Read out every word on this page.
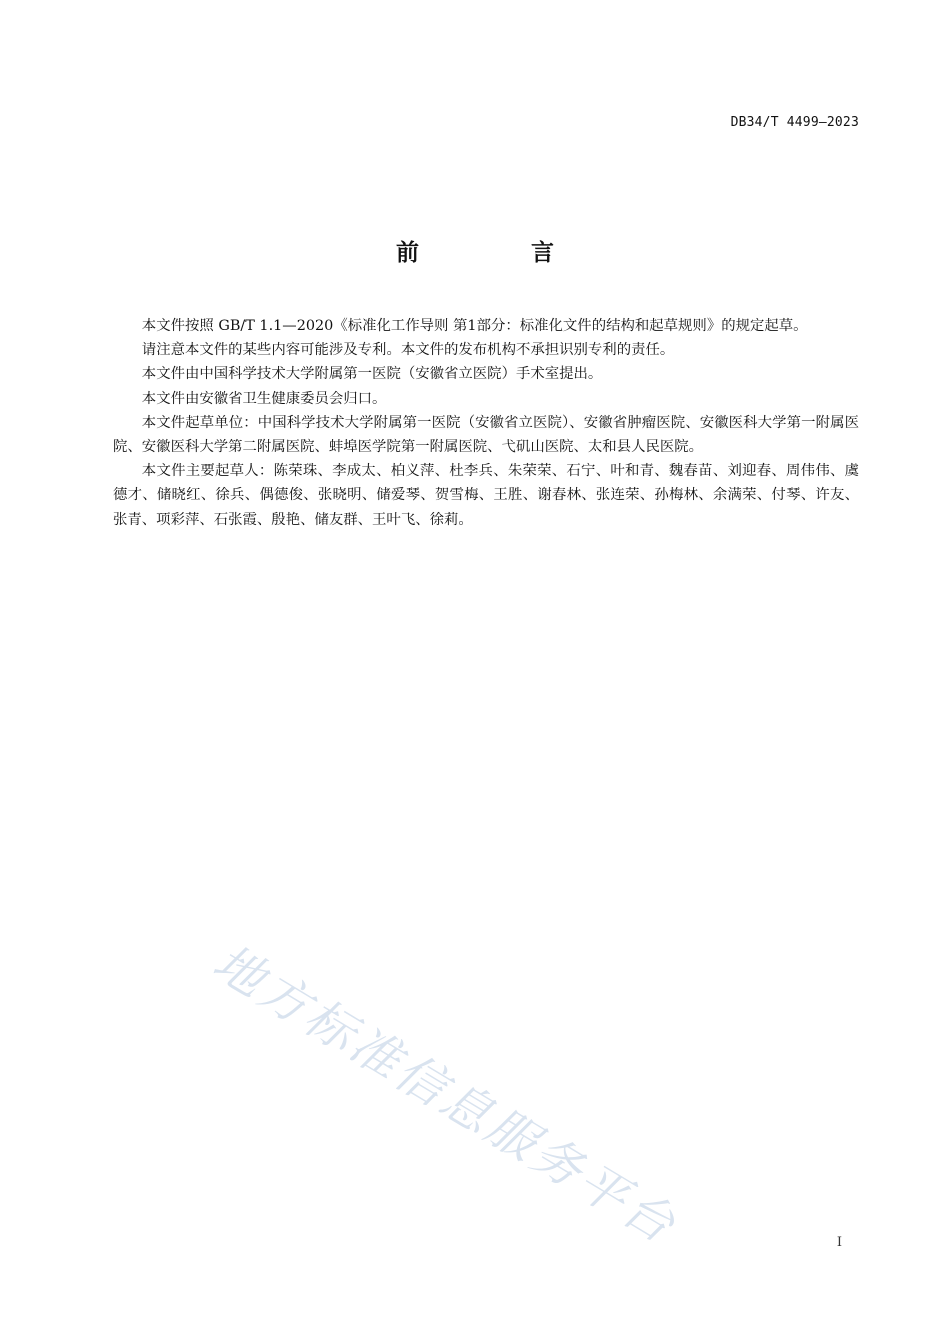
DB34/T 4499—2023
前 言

本文件按照 GB/T 1.1—2020《标准化工作导则 第1部分：标准化文件的结构和起草规则》的规定起草。

请注意本文件的某些内容可能涉及专利。本文件的发布机构不承担识别专利的责任。

本文件由中国科学技术大学附属第一医院（安徽省立医院）手术室提出。

本文件由安徽省卫生健康委员会归口。

本文件起草单位：中国科学技术大学附属第一医院（安徽省立医院）、安徽省肿瘤医院、安徽医科大学第一附属医院、安徽医科大学第二附属医院、蚌埠医学院第一附属医院、弋矶山医院、太和县人民医院。

本文件主要起草人：陈荣珠、李成太、柏义萍、杜李兵、朱荣荣、石宁、叶和青、魏春苗、刘迎春、周伟伟、虞德才、储晓红、徐兵、偶德俊、张晓明、储爱琴、贺雪梅、王胜、谢春林、张连荣、孙梅林、余满荣、付琴、许友、张青、项彩萍、石张霞、殷艳、储友群、王叶飞、徐莉。

地方标准信息服务平台	I
